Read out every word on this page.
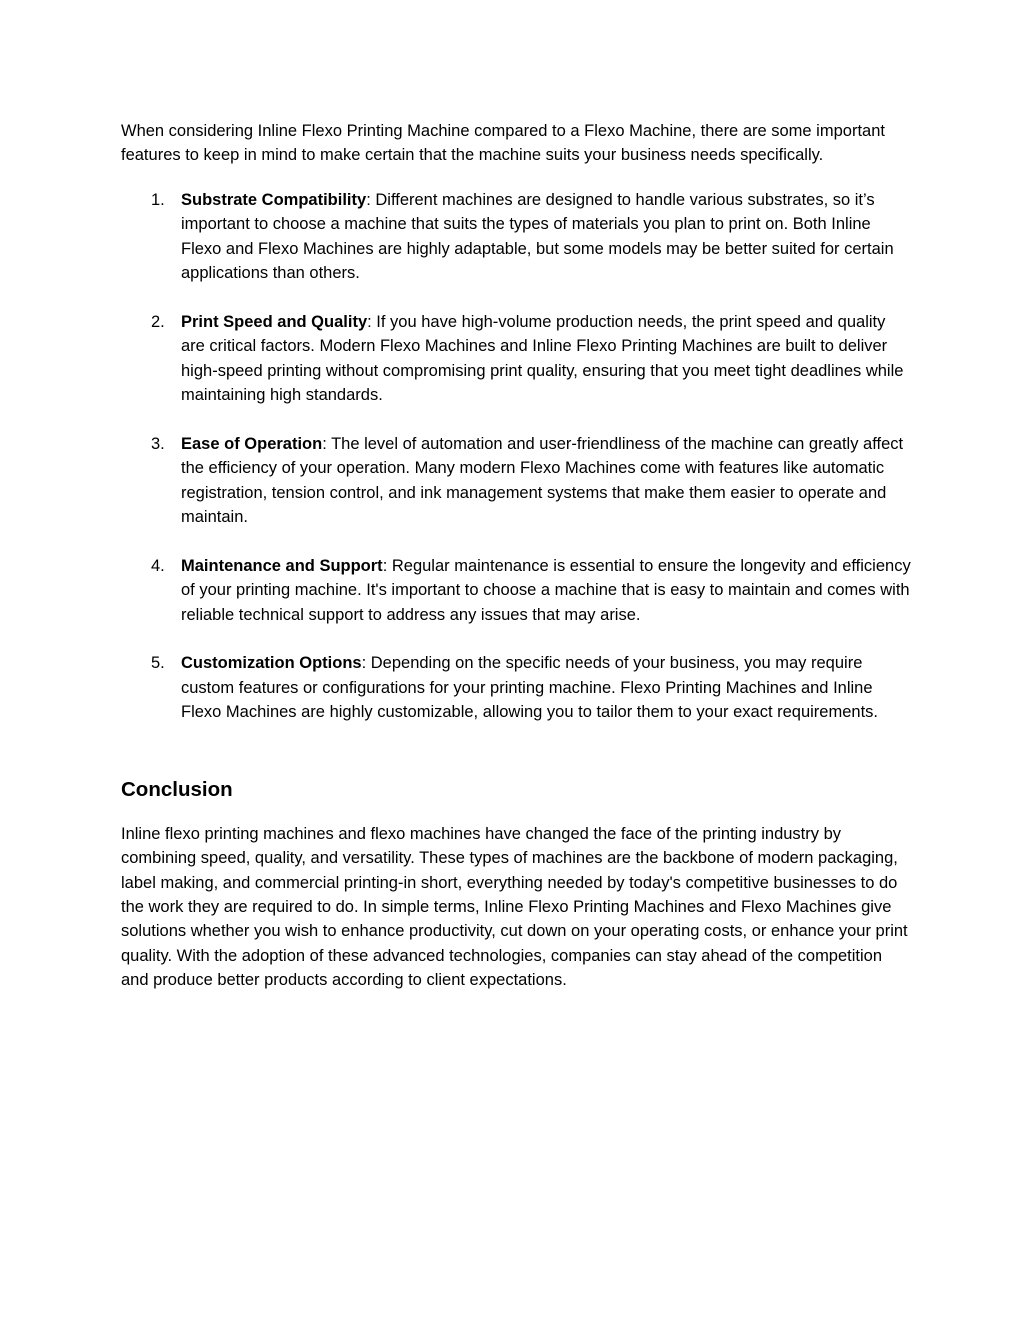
When considering Inline Flexo Printing Machine compared to a Flexo Machine, there are some important features to keep in mind to make certain that the machine suits your business needs specifically.

1. Substrate Compatibility: Different machines are designed to handle various substrates, so it’s important to choose a machine that suits the types of materials you plan to print on. Both Inline Flexo and Flexo Machines are highly adaptable, but some models may be better suited for certain applications than others.
2. Print Speed and Quality: If you have high-volume production needs, the print speed and quality are critical factors. Modern Flexo Machines and Inline Flexo Printing Machines are built to deliver high-speed printing without compromising print quality, ensuring that you meet tight deadlines while maintaining high standards.
3. Ease of Operation: The level of automation and user-friendliness of the machine can greatly affect the efficiency of your operation. Many modern Flexo Machines come with features like automatic registration, tension control, and ink management systems that make them easier to operate and maintain.
4. Maintenance and Support: Regular maintenance is essential to ensure the longevity and efficiency of your printing machine. It's important to choose a machine that is easy to maintain and comes with reliable technical support to address any issues that may arise.
5. Customization Options: Depending on the specific needs of your business, you may require custom features or configurations for your printing machine. Flexo Printing Machines and Inline Flexo Machines are highly customizable, allowing you to tailor them to your exact requirements.
Conclusion

Inline flexo printing machines and flexo machines have changed the face of the printing industry by combining speed, quality, and versatility. These types of machines are the backbone of modern packaging, label making, and commercial printing-in short, everything needed by today's competitive businesses to do the work they are required to do. In simple terms, Inline Flexo Printing Machines and Flexo Machines give solutions whether you wish to enhance productivity, cut down on your operating costs, or enhance your print quality. With the adoption of these advanced technologies, companies can stay ahead of the competition and produce better products according to client expectations.
